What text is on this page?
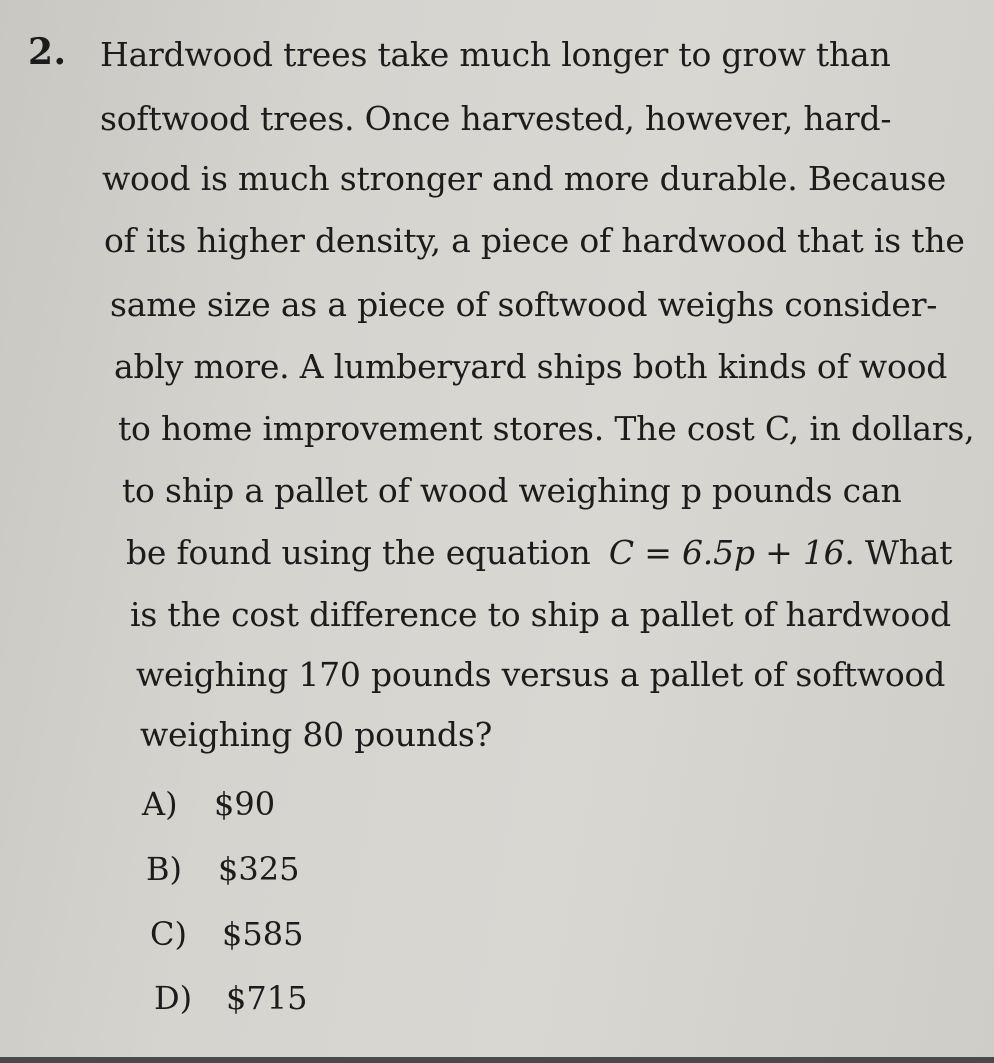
2. Hardwood trees take much longer to grow than
softwood trees. Once harvested, however, hard-
wood is much stronger and more durable. Because
of its higher density, a piece of hardwood that is the
same size as a piece of softwood weighs consider-
ably more. A lumberyard ships both kinds of wood
to home improvement stores. The cost C, in dollars,
to ship a pallet of wood weighing p pounds can
be found using the equation C = 6.5p + 16. What
is the cost difference to ship a pallet of hardwood
weighing 170 pounds versus a pallet of softwood
weighing 80 pounds?
A) $90
B) $325
C) $585
D) $715
